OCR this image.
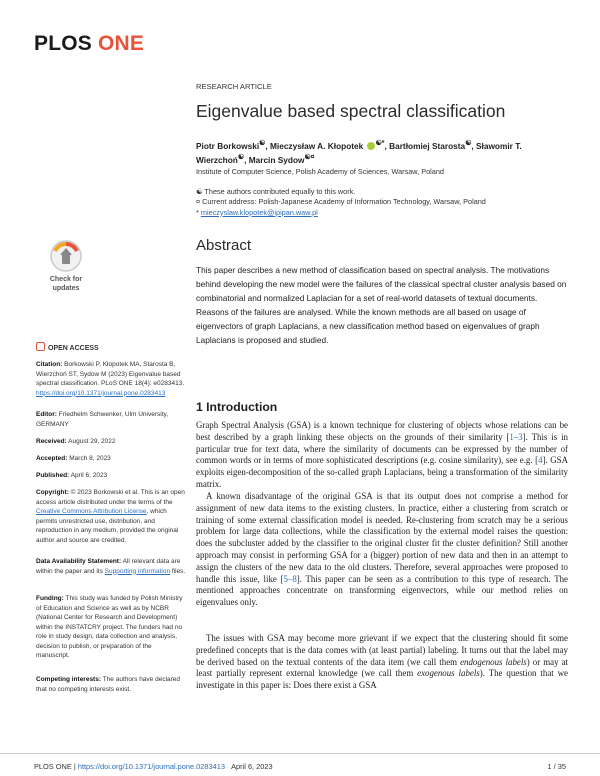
PLOS ONE
RESEARCH ARTICLE
Eigenvalue based spectral classification
Piotr Borkowski☯, Mieczysław A. Kłopotek ☯*, Bartłomiej Starosta☯, Sławomir T. Wierzchoń☯, Marcin Sydow☯¤
Institute of Computer Science, Polish Academy of Sciences, Warsaw, Poland
☯ These authors contributed equally to this work.
¤ Current address: Polish-Japanese Academy of Information Technology, Warsaw, Poland
* mieczyslaw.klopotek@ipipan.waw.pl
Check for
updates
OPEN ACCESS
Citation: Borkowski P, Kłopotek MA, Starosta B, Wierzchoń ST, Sydow M (2023) Eigenvalue based spectral classification. PLoS ONE 18(4): e0283413. https://doi.org/10.1371/journal.pone.0283413
Editor: Friedhelm Schwenker, Ulm University, GERMANY
Received: August 29, 2022
Accepted: March 8, 2023
Published: April 6, 2023
Copyright: © 2023 Borkowski et al. This is an open access article distributed under the terms of the Creative Commons Attribution License, which permits unrestricted use, distribution, and reproduction in any medium, provided the original author and source are credited.
Data Availability Statement: All relevant data are within the paper and its Supporting information files.
Funding: This study was funded by Polish Ministry of Education and Science as well as by NCBR (National Center for Research and Development) within the INSTATCRY project. The funders had no role in study design, data collection and analysis, decision to publish, or preparation of the manuscript.
Competing interests: The authors have declared that no competing interests exist.
Abstract
This paper describes a new method of classification based on spectral analysis. The motivations behind developing the new model were the failures of the classical spectral cluster analysis based on combinatorial and normalized Laplacian for a set of real-world datasets of textual documents. Reasons of the failures are analysed. While the known methods are all based on usage of eigenvectors of graph Laplacians, a new classification method based on eigenvalues of graph Laplacians is proposed and studied.
1 Introduction
Graph Spectral Analysis (GSA) is a known technique for clustering of objects whose relations can be best described by a graph linking these objects on the grounds of their similarity [1–3]. This is in particular true for text data, where the similarity of documents can be expressed by the number of common words or in terms of more sophisticated descriptions (e.g. cosine similarity), see e.g. [4]. GSA exploits eigen-decomposition of the so-called graph Laplacians, being a transformation of the similarity matrix.
A known disadvantage of the original GSA is that its output does not comprise a method for assignment of new data items to the existing clusters. In practice, either a clustering from scratch or training of some external classification model is needed. Re-clustering from scratch may be a serious problem for large data collections, while the classification by the external model raises the question: does the subcluster added by the classifier to the original cluster fit the cluster definition? Still another approach may consist in performing GSA for a (bigger) portion of new data and then in an attempt to assign the clusters of the new data to the old clusters. Therefore, several approaches were proposed to handle this issue, like [5–8]. This paper can be seen as a contribution to this type of research. The mentioned approaches concentrate on transforming eigenvectors, while our method relies on eigenvalues only.
The issues with GSA may become more grievant if we expect that the clustering should fit some predefined concepts that is the data comes with (at least partial) labeling. It turns out that the label may be derived based on the textual contents of the data item (we call them endogenous labels) or may at least partially represent external knowledge (we call them exogenous labels). The question that we investigate in this paper is: Does there exist a GSA
PLOS ONE | https://doi.org/10.1371/journal.pone.0283413 April 6, 2023	1 / 35
